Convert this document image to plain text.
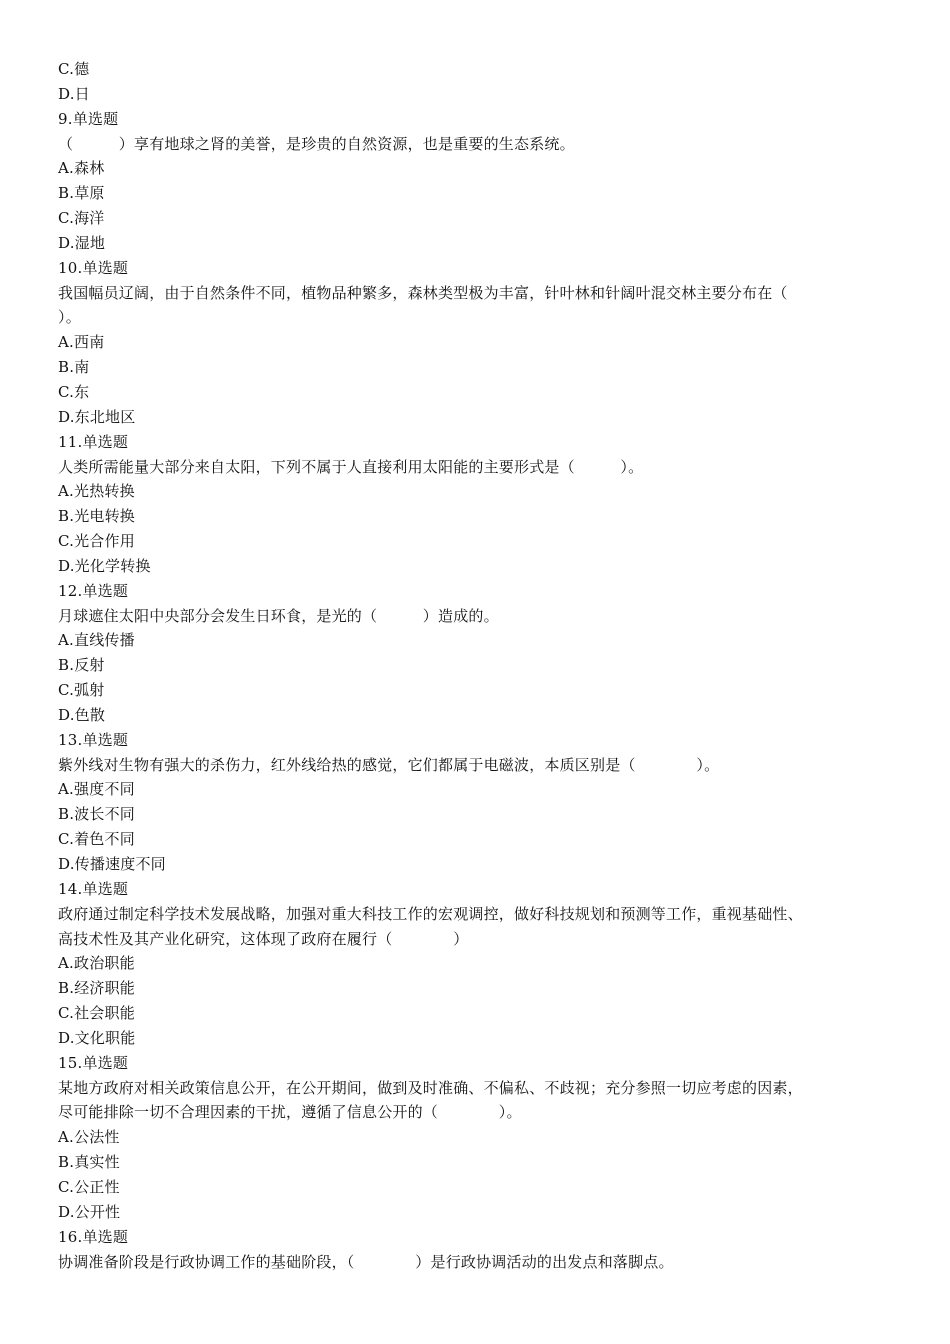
C.德
D.日
9.单选题
（　　　）享有地球之肾的美誉，是珍贵的自然资源，也是重要的生态系统。
A.森林
B.草原
C.海洋
D.湿地
10.单选题
我国幅员辽阔，由于自然条件不同，植物品种繁多，森林类型极为丰富，针叶林和针阔叶混交林主要分布在（
）。
A.西南
B.南
C.东
D.东北地区
11.单选题
人类所需能量大部分来自太阳，下列不属于人直接利用太阳能的主要形式是（　　　）。
A.光热转换
B.光电转换
C.光合作用
D.光化学转换
12.单选题
月球遮住太阳中央部分会发生日环食，是光的（　　　）造成的。
A.直线传播
B.反射
C.弧射
D.色散
13.单选题
紫外线对生物有强大的杀伤力，红外线给热的感觉，它们都属于电磁波，本质区别是（　　　　）。
A.强度不同
B.波长不同
C.着色不同
D.传播速度不同
14.单选题
政府通过制定科学技术发展战略，加强对重大科技工作的宏观调控，做好科技规划和预测等工作，重视基础性、
高技术性及其产业化研究，这体现了政府在履行（　　　　）
A.政治职能
B.经济职能
C.社会职能
D.文化职能
15.单选题
某地方政府对相关政策信息公开，在公开期间，做到及时准确、不偏私、不歧视；充分参照一切应考虑的因素，
尽可能排除一切不合理因素的干扰，遵循了信息公开的（　　　　）。
A.公法性
B.真实性
C.公正性
D.公开性
16.单选题
协调准备阶段是行政协调工作的基础阶段，（　　　　）是行政协调活动的出发点和落脚点。
